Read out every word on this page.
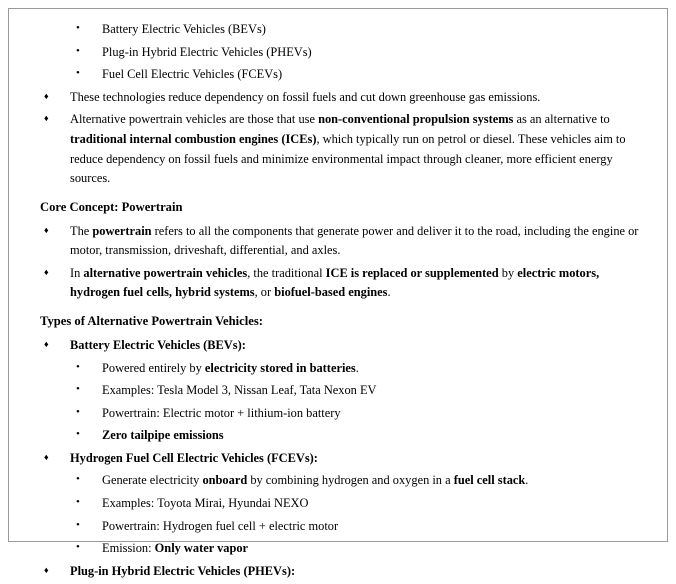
• Battery Electric Vehicles (BEVs)
• Plug-in Hybrid Electric Vehicles (PHEVs)
• Fuel Cell Electric Vehicles (FCEVs)
♦ These technologies reduce dependency on fossil fuels and cut down greenhouse gas emissions.
♦ Alternative powertrain vehicles are those that use non-conventional propulsion systems as an alternative to traditional internal combustion engines (ICEs), which typically run on petrol or diesel. These vehicles aim to reduce dependency on fossil fuels and minimize environmental impact through cleaner, more efficient energy sources.
Core Concept: Powertrain
♦ The powertrain refers to all the components that generate power and deliver it to the road, including the engine or motor, transmission, driveshaft, differential, and axles.
♦ In alternative powertrain vehicles, the traditional ICE is replaced or supplemented by electric motors, hydrogen fuel cells, hybrid systems, or biofuel-based engines.
Types of Alternative Powertrain Vehicles:
♦ Battery Electric Vehicles (BEVs):
• Powered entirely by electricity stored in batteries.
• Examples: Tesla Model 3, Nissan Leaf, Tata Nexon EV
• Powertrain: Electric motor + lithium-ion battery
• Zero tailpipe emissions
♦ Hydrogen Fuel Cell Electric Vehicles (FCEVs):
• Generate electricity onboard by combining hydrogen and oxygen in a fuel cell stack.
• Examples: Toyota Mirai, Hyundai NEXO
• Powertrain: Hydrogen fuel cell + electric motor
• Emission: Only water vapor
♦ Plug-in Hybrid Electric Vehicles (PHEVs):
